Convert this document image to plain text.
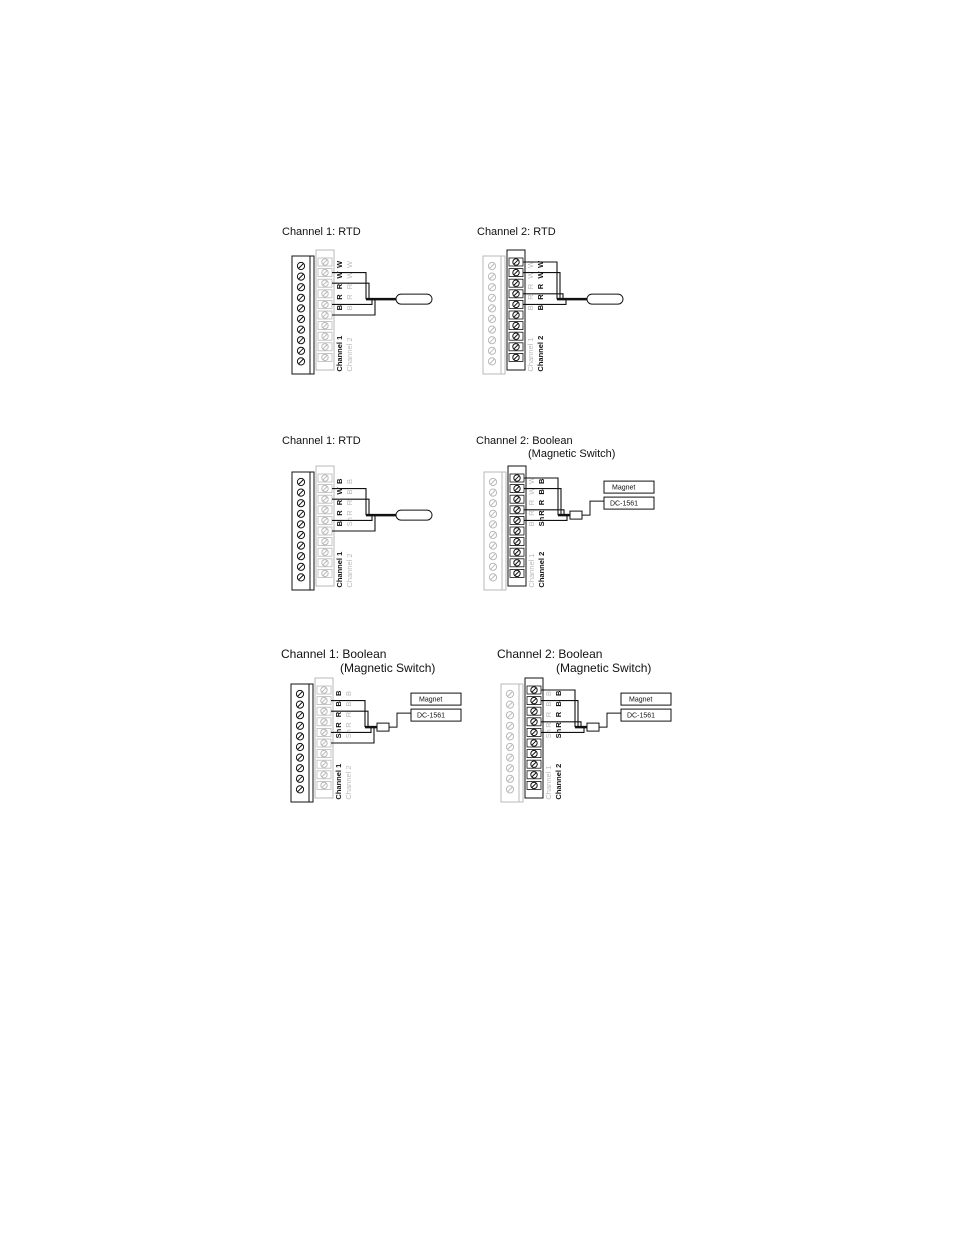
Channel 1: RTD
B B
R R
R R
W W
W W
Channel 1 Channel 2
Channel 2: RTD
B B
R R
R R
W W
W W
Channel 1 Channel 2
Channel 1: RTD
B Sh
R R
R R
W B
B B
Channel 1 Channel 2
Channel 2: Boolean
(Magnetic Switch)
B Sh
R R
R R
W B
W B
Channel 1 Channel 2
Magnet
DC-1561
Channel 1: Boolean
(Magnetic Switch)
Sh Sh
R R
R R
B B
B B
Channel 1 Channel 2
Magnet
DC-1561
Channel 2: Boolean
(Magnetic Switch)
Sh Sh
R R
R R
B B
B B
Channel 1 Channel 2
Magnet
DC-1561
